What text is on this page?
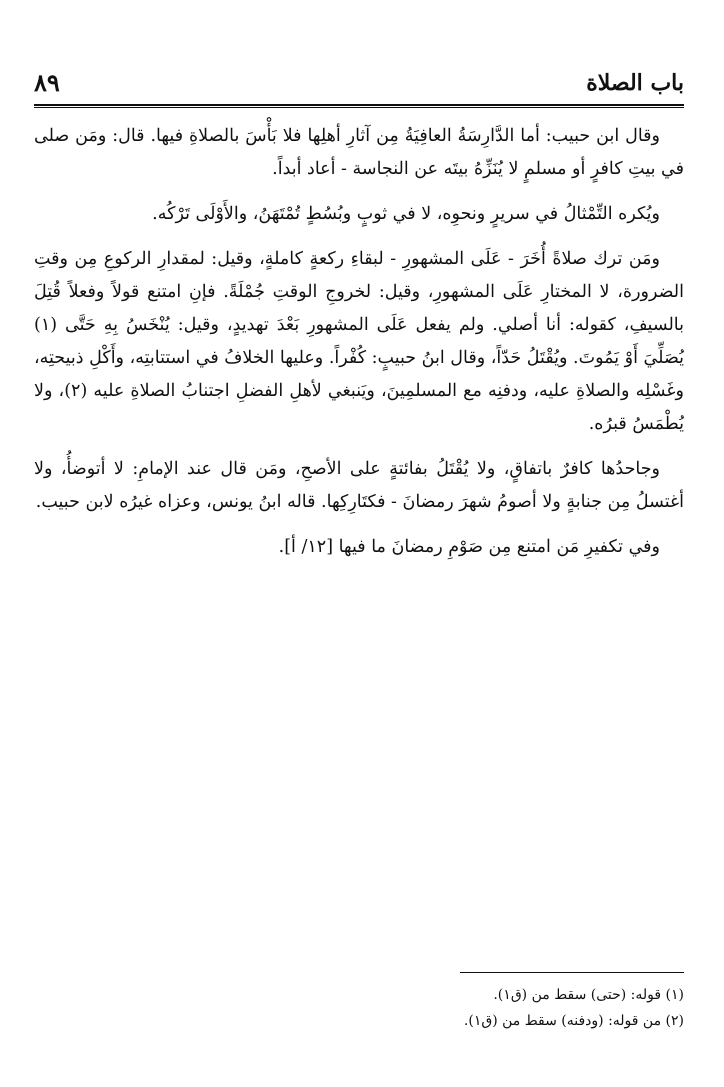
باب الصلاة
٨٩

وقال ابن حبيب: أما الدَّارِسَةُ العافِيَةُ مِن آثارِ أهلِها فلا بَأْسَ بالصلاةِ فيها. قال: ومَن صلى في بيتِ كافرٍ أو مسلمٍ لا يُنَزِّهُ بيتَه عن النجاسة - أعاد أبداً.

ويُكره التِّمْثالُ في سريرٍ ونحوِه، لا في ثوبٍ وبُسُطٍ تُمْتَهَنُ، والأَوْلَى تَرْكُه.

ومَن ترك صلاةً أُخَرَ - عَلَى المشهورِ - لبقاءِ ركعةٍ كاملةٍ، وقيل: لمقدارِ الركوعِ مِن وقتِ الضرورة، لا المختارِ عَلَى المشهورِ، وقيل: لخروجِ الوقتِ جُمْلَةً. فإنِ امتنع قولاً وفعلاً قُتِلَ بالسيفِ، كقوله: أنا أصلي. ولم يفعل عَلَى المشهورِ بَعْدَ تهديدٍ، وقيل: يُنْخَسُ بِهِ حَتَّى (١) يُصَلِّيَ أَوْ يَمُوتَ. ويُقْتَلُ حَدّاً، وقال ابنُ حبيبٍ: كُفْراً. وعليها الخلافُ في استتابتِه، وأَكْلِ ذبيحتِه، وغَسْلِه والصلاةِ عليه، ودفنِه مع المسلمِينَ، ويَنبغي لأهلِ الفضلِ اجتنابُ الصلاةِ عليه (٢)، ولا يُطْمَسُ قبرُه.

وجاحدُها كافرٌ باتفاقٍ، ولا يُقْتَلُ بفائتةٍ على الأصحِ، ومَن قال عند الإمامِ: لا أتوضأُ، ولا أغتسلُ مِن جنابةٍ ولا أصومُ شهرَ رمضانَ - فكتَارِكِها. قاله ابنُ يونس، وعزاه غيرُه لابن حبيب.

وفي تكفيرِ مَن امتنع مِن صَوْمِ رمضانَ ما فيها [١٢/ أ].

(١) قوله: (حتى) سقط من (ق١).
(٢) من قوله: (ودفنه) سقط من (ق١).
